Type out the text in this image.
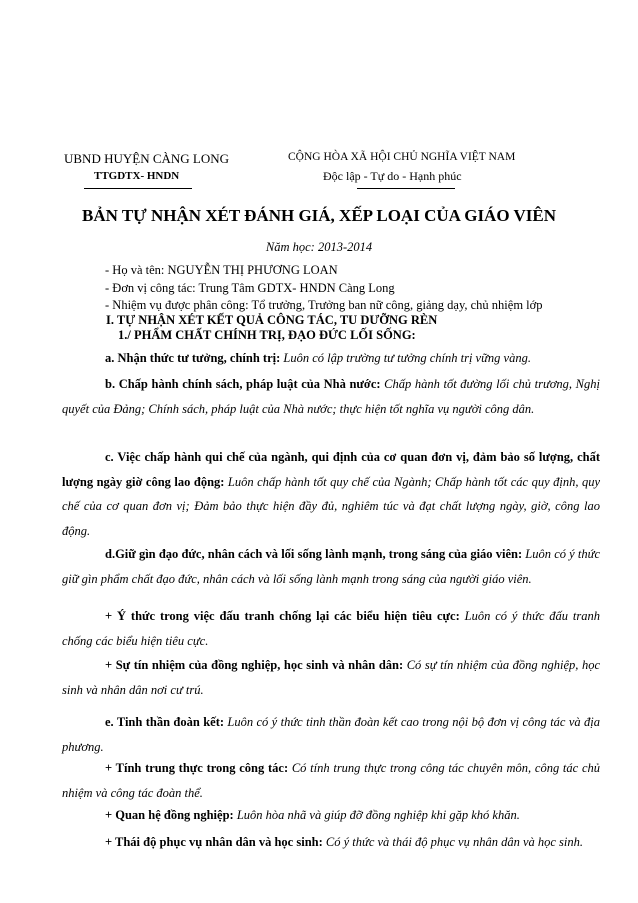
UBND HUYỆN CÀNG LONG
TTGDTX- HNDN
CỘNG HÒA XÃ HỘI CHỦ NGHĨA VIỆT NAM
Độc lập - Tự do - Hạnh phúc
BẢN TỰ NHẬN XÉT ĐÁNH GIÁ, XẾP LOẠI CỦA GIÁO VIÊN
Năm học: 2013-2014
- Họ và tên: NGUYỄN THỊ PHƯƠNG LOAN
- Đơn vị công tác: Trung Tâm GDTX- HNDN Càng Long
- Nhiệm vụ được phân công: Tổ trưởng, Trưởng ban nữ công, giảng dạy, chủ nhiệm lớp
I. TỰ NHẬN XÉT KẾT QUẢ CÔNG TÁC, TU DƯỠNG RÈN
1./ PHẨM CHẤT CHÍNH TRỊ, ĐẠO ĐỨC LỐI SỐNG:

a. Nhận thức tư tưởng, chính trị: Luôn có lập trường tư tưởng chính trị vững vàng.

b. Chấp hành chính sách, pháp luật của Nhà nước: Chấp hành tốt đường lối chủ trương, Nghị quyết của Đảng; Chính sách, pháp luật của Nhà nước; thực hiện tốt nghĩa vụ người công dân.

c. Việc chấp hành qui chế của ngành, qui định của cơ quan đơn vị, đảm bảo số lượng, chất lượng ngày giờ công lao động: Luôn chấp hành tốt quy chế của Ngành; Chấp hành tốt các quy định, quy chế của cơ quan đơn vị; Đảm bảo thực hiện đầy đủ, nghiêm túc và đạt chất lượng ngày, giờ, công lao động.

d.Giữ gìn đạo đức, nhân cách và lối sống lành mạnh, trong sáng của giáo viên: Luôn có ý thức giữ gìn phẩm chất đạo đức, nhân cách và lối sống lành mạnh trong sáng của người giáo viên.

+ Ý thức trong việc đấu tranh chống lại các biểu hiện tiêu cực: Luôn có ý thức đấu tranh chống các biểu hiện tiêu cực.

+ Sự tín nhiệm của đồng nghiệp, học sinh và nhân dân: Có sự tín nhiệm của đồng nghiệp, học sinh và nhân dân nơi cư trú.

e. Tinh thần đoàn kết: Luôn có ý thức tinh thần đoàn kết cao trong nội bộ đơn vị công tác và địa phương.

+ Tính trung thực trong công tác: Có tính trung thực trong công tác chuyên môn, công tác chủ nhiệm và công tác đoàn thể.

+ Quan hệ đồng nghiệp: Luôn hòa nhã và giúp đỡ đồng nghiệp khi gặp khó khăn.

+ Thái độ phục vụ nhân dân và học sinh: Có ý thức và thái độ phục vụ nhân dân và học sinh.
